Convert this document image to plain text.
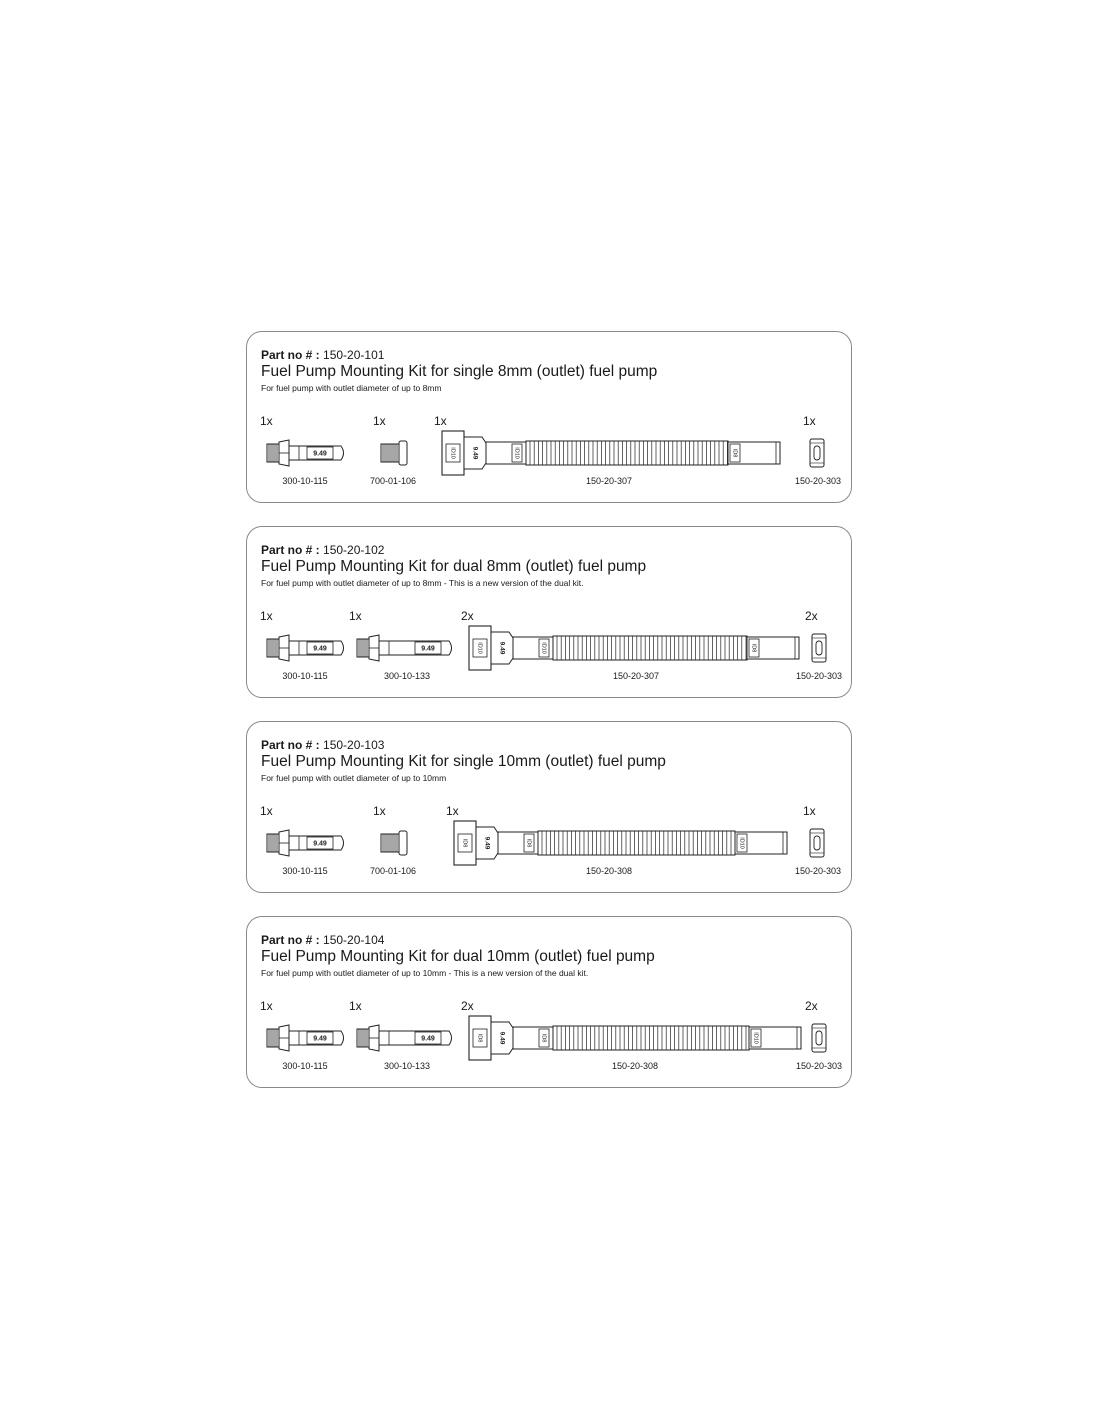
Part no # : 150-20-101
Fuel Pump Mounting Kit for single 8mm (outlet) fuel pump
For fuel pump with outlet diameter of up to 8mm
9.49	ID10 9.49	ID10	ID8
1x	1x	1x	1x
300-10-115	700-01-106	150-20-307	150-20-303
Part no # : 150-20-102
Fuel Pump Mounting Kit for dual 8mm (outlet) fuel pump
For fuel pump with outlet diameter of up to 8mm - This is a new version of the dual kit.
9.49	9.49	ID10 9.49	ID10	ID8
1x	1x	2x	2x
300-10-115	300-10-133	150-20-307	150-20-303
Part no # : 150-20-103
Fuel Pump Mounting Kit for single 10mm (outlet) fuel pump
For fuel pump with outlet diameter of up to 10mm
9.49	ID8 9.49	ID8	ID10
1x	1x	1x	1x
300-10-115	700-01-106	150-20-308	150-20-303
Part no # : 150-20-104
Fuel Pump Mounting Kit for dual 10mm (outlet) fuel pump
For fuel pump with outlet diameter of up to 10mm - This is a new version of the dual kit.
9.49	9.49	ID8 9.49	ID8	ID10
1x	1x	2x	2x
300-10-115	300-10-133	150-20-308	150-20-303
